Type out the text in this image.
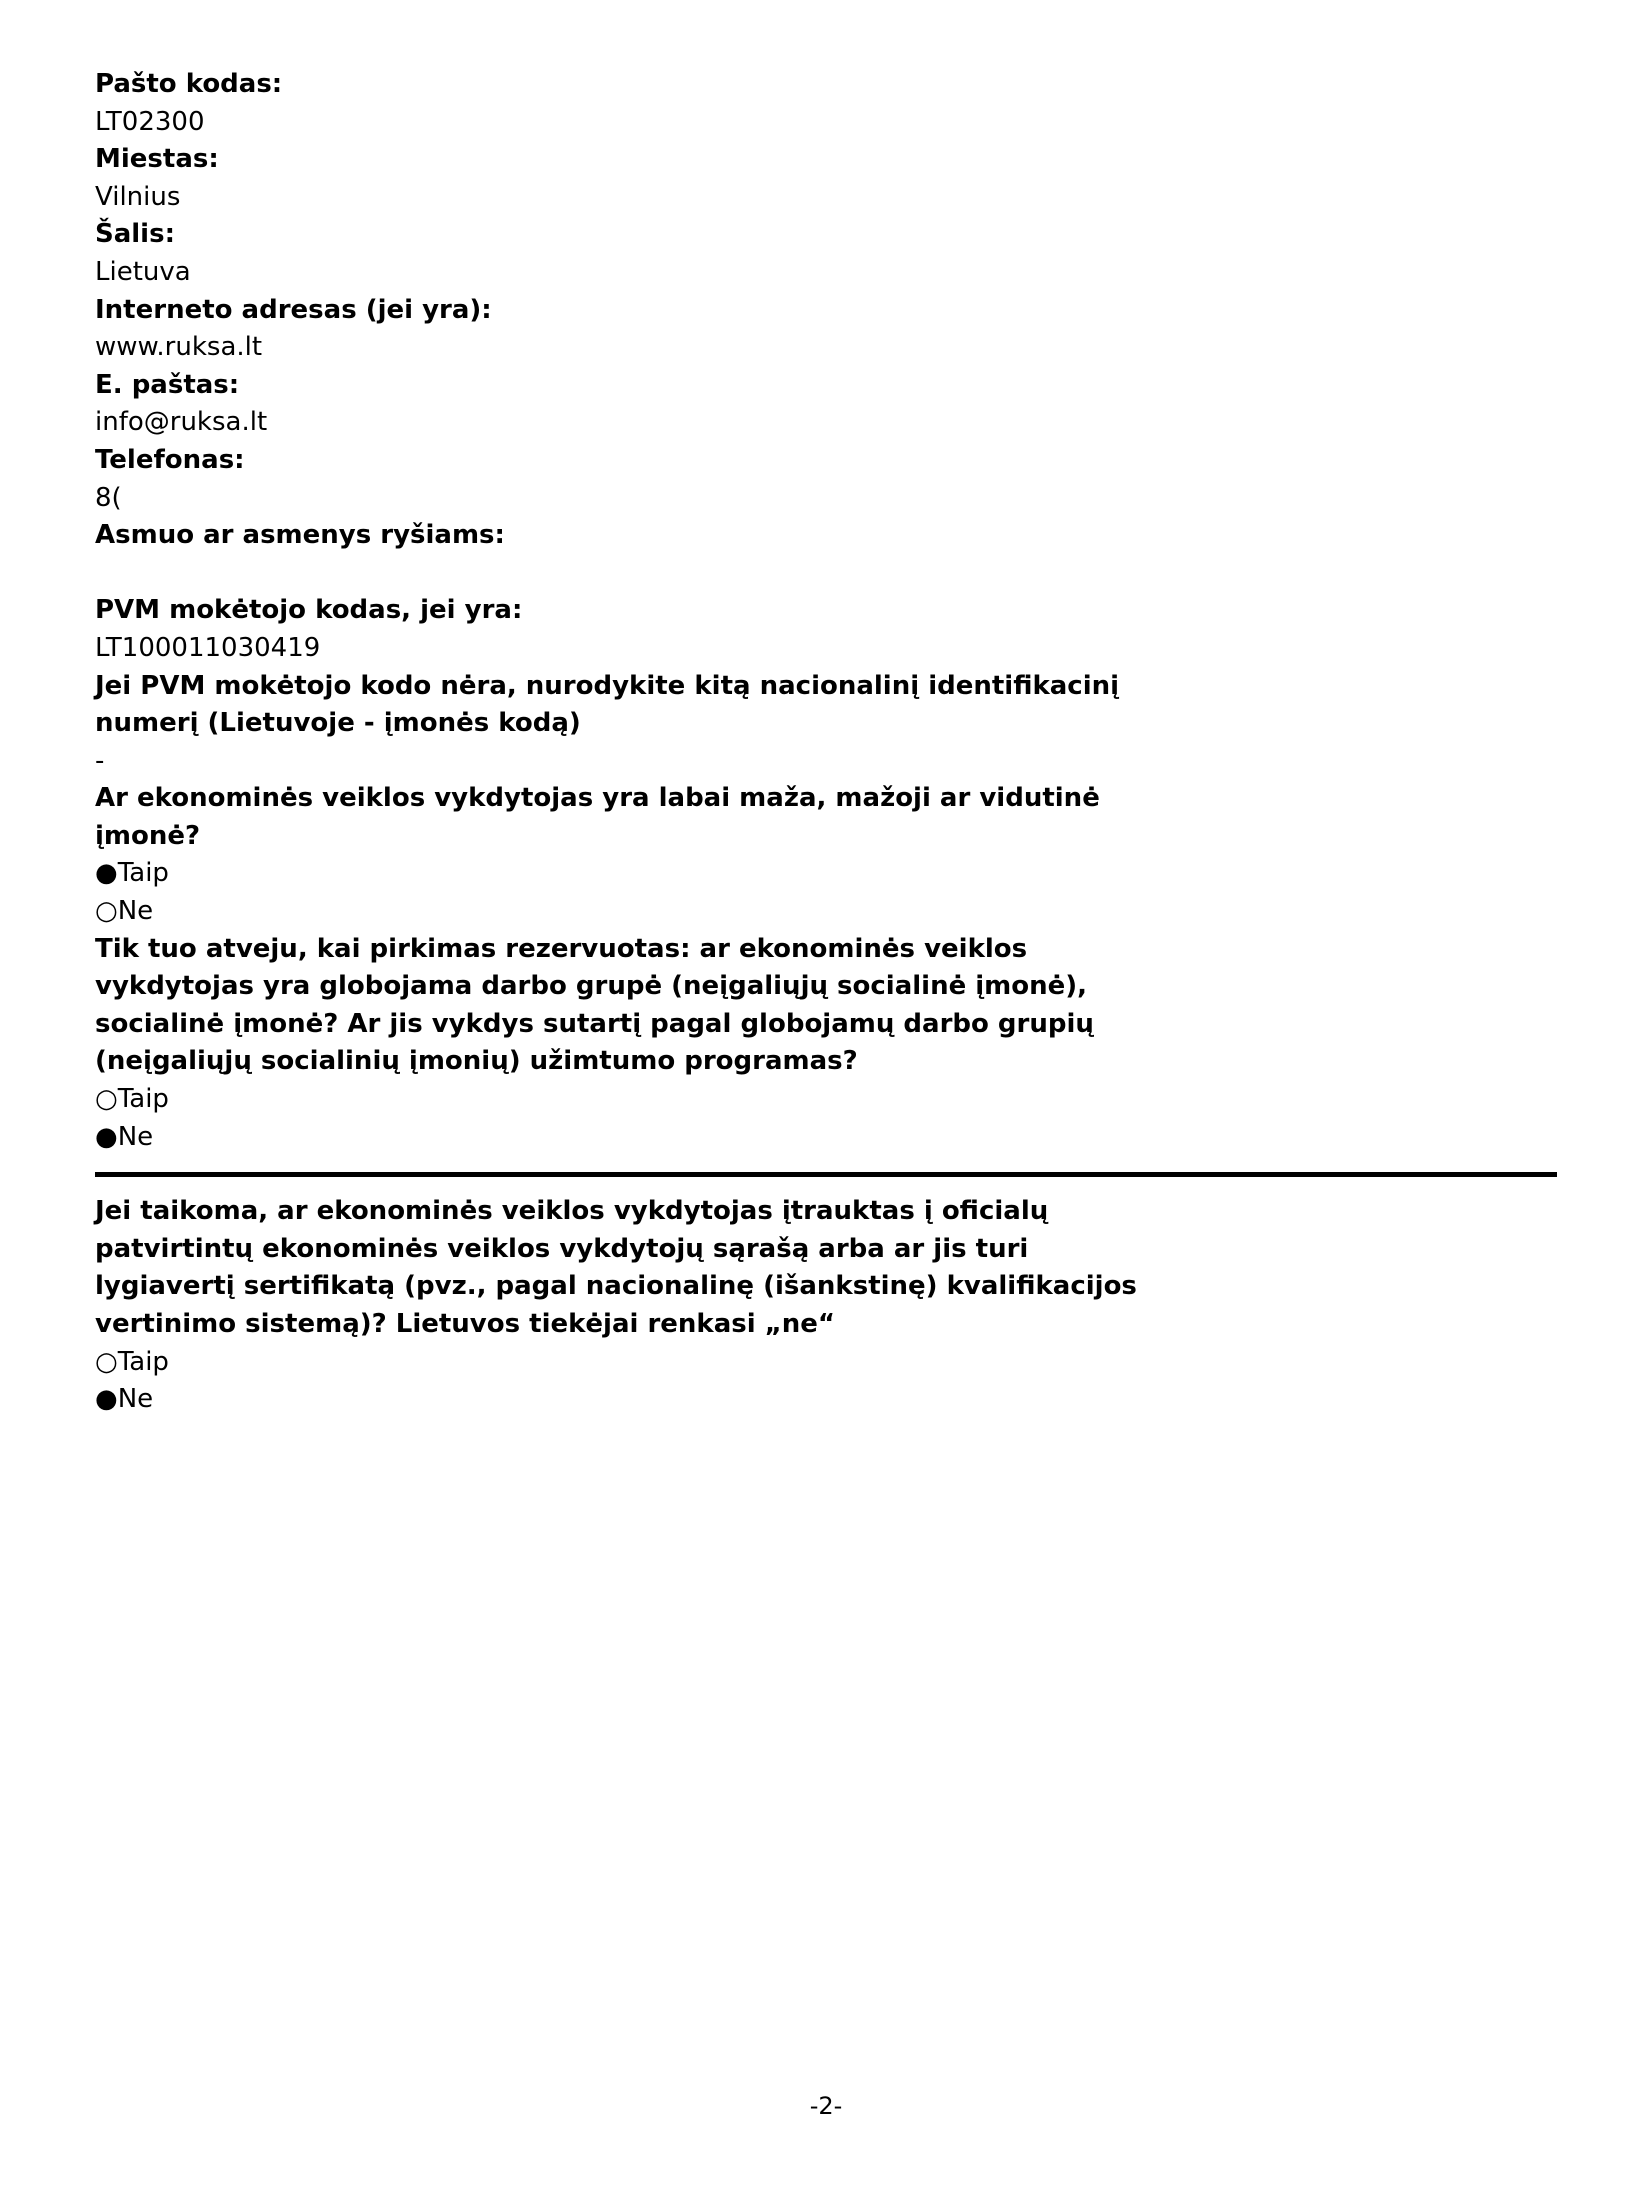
Pašto kodas:
LT02300
Miestas:
Vilnius
Šalis:
Lietuva
Interneto adresas (jei yra):
www.ruksa.lt
E. paštas:
info@ruksa.lt
Telefonas:
8(
Asmuo ar asmenys ryšiams:
PVM mokėtojo kodas, jei yra:
LT100011030419
Jei PVM mokėtojo kodo nėra, nurodykite kitą nacionalinį identifikacinį numerį (Lietuvoje - įmonės kodą)
-

Ar ekonominės veiklos vykdytojas yra labai maža, mažoji ar vidutinė įmonė?

●Taip
○Ne

Tik tuo atveju, kai pirkimas rezervuotas: ar ekonominės veiklos vykdytojas yra globojama darbo grupė (neįgaliųjų socialinė įmonė), socialinė įmonė? Ar jis vykdys sutartį pagal globojamų darbo grupių (neįgaliųjų socialinių įmonių) užimtumo programas?

○Taip
●Ne

Jei taikoma, ar ekonominės veiklos vykdytojas įtrauktas į oficialų patvirtintų ekonominės veiklos vykdytojų sąrašą arba ar jis turi lygiavertį sertifikatą (pvz., pagal nacionalinę (išankstinę) kvalifikacijos vertinimo sistemą)? Lietuvos tiekėjai renkasi „ne“

○Taip
●Ne
-2-
